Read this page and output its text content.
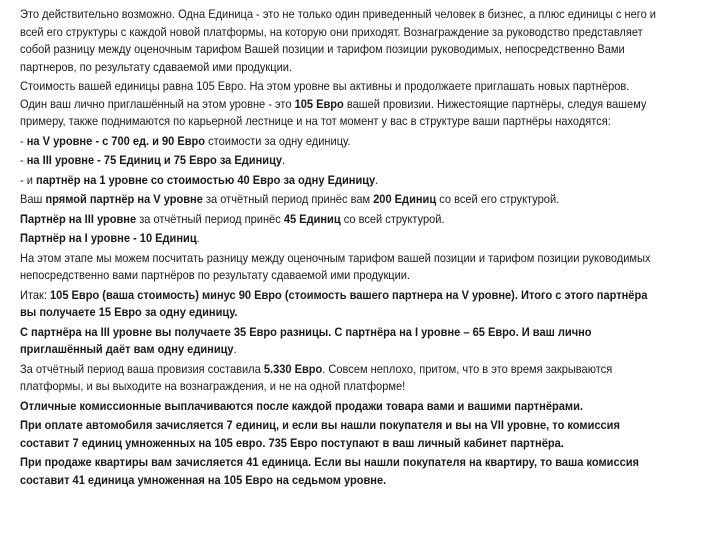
Это действительно возможно. Одна Единица - это не только один приведенный человек в бизнес, а плюс единицы с него и всей его структуры с каждой новой платформы, на которую они приходят. Вознаграждение за руководство представляет собой разницу между оценочным тарифом Вашей позиции и тарифом позиции руководимых, непосредственно Вами партнеров, по результату сдаваемой ими продукции.

Стоимость вашей единицы равна 105 Евро. На этом уровне вы активны и продолжаете приглашать новых партнёров. Один ваш лично приглашённый на этом уровне - это 105 Евро вашей провизии. Нижестоящие партнёры, следуя вашему примеру, также поднимаются по карьерной лестнице и на тот момент у вас в структуре ваши партнёры находятся:

- на V уровне - с 700 ед. и 90 Евро стоимости за одну единицу.

- на III уровне - 75 Единиц и 75 Евро за Единицу.

- и партнёр на 1 уровне со стоимостью 40 Евро за одну Единицу.

Ваш прямой партнёр на V уровне за отчётный период принёс вам 200 Единиц со всей его структурой.

Партнёр на III уровне за отчётный период принёс 45 Единиц со всей структурой.

Партнёр на I уровне - 10 Единиц.

На этом этапе мы можем посчитать разницу между оценочным тарифом вашей позиции и тарифом позиции руководимых непосредственно вами партнёров по результату сдаваемой ими продукции.

Итак: 105 Евро (ваша стоимость) минус 90 Евро (стоимость вашего партнера на V уровне). Итого с этого партнёра вы получаете 15 Евро за одну единицу.

С партнёра на III уровне вы получаете 35 Евро разницы. С партнёра на I уровне – 65 Евро. И ваш лично приглашённый даёт вам одну единицу.

За отчётный период ваша провизия составила 5.330 Евро. Совсем неплохо, притом, что в это время закрываются платформы, и вы выходите на вознаграждения, и не на одной платформе!

Отличные комиссионные выплачиваются после каждой продажи товара вами и вашими партнёрами.

При оплате автомобиля зачисляется 7 единиц, и если вы нашли покупателя и вы на VII уровне, то комиссия составит 7 единиц умноженных на 105 евро. 735 Евро поступают в ваш личный кабинет партнёра.

При продаже квартиры вам зачисляется 41 единица. Если вы нашли покупателя на квартиру, то ваша комиссия составит 41 единица умноженная на 105 Евро на седьмом уровне.
